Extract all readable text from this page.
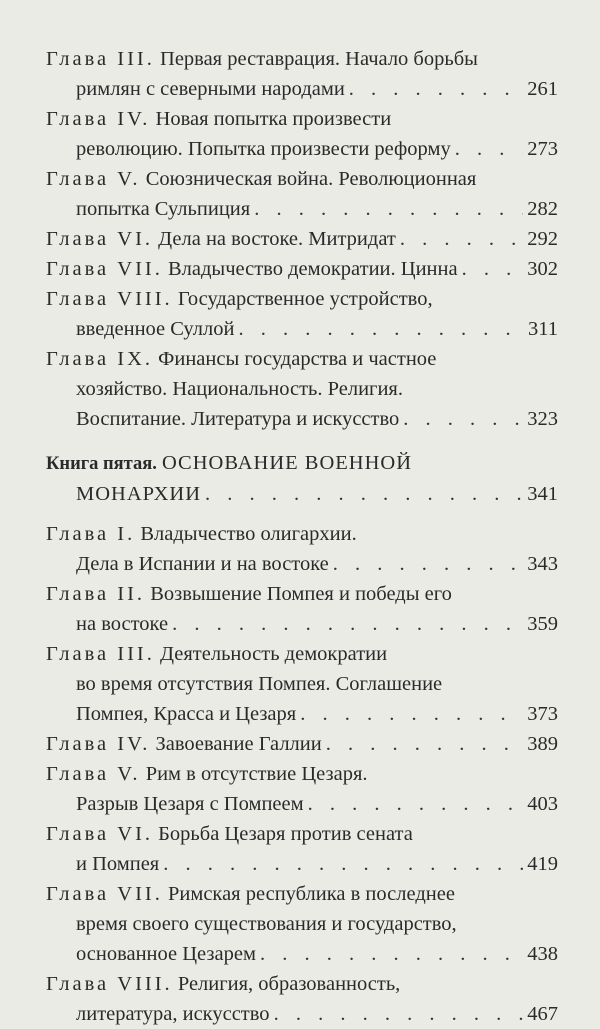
Глава III. Первая реставрация. Начало борьбы
римлян с северными народами . . .	261
Глава IV. Новая попытка произвести
революцию. Попытка произвести реформу . . .	273
Глава V. Союзническая война. Революционная
попытка Сульпиция . . .	282
Глава VI. Дела на востоке. Митридат . . .	292
Глава VII. Владычество демократии. Цинна . . .	302
Глава VIII. Государственное устройство,
введенное Суллой . . .	311
Глава IX. Финансы государства и частное
хозяйство. Национальность. Религия.
Воспитание. Литература и искусство . . .	323
Книга пятая. ОСНОВАНИЕ ВОЕННОЙ
МОНАРХИИ . . .	341
Глава I. Владычество олигархии.
Дела в Испании и на востоке . . .	343
Глава II. Возвышение Помпея и победы его
на востоке . . .	359
Глава III. Деятельность демократии
во время отсутствия Помпея. Соглашение
Помпея, Красса и Цезаря . . .	373
Глава IV. Завоевание Галлии . . .	389
Глава V. Рим в отсутствие Цезаря.
Разрыв Цезаря с Помпеем . . .	403
Глава VI. Борьба Цезаря против сената
и Помпея . . .	419
Глава VII. Римская республика в последнее
время своего существования и государство,
основанное Цезарем . . .	438
Глава VIII. Религия, образованность,
литература, искусство . . .	467
